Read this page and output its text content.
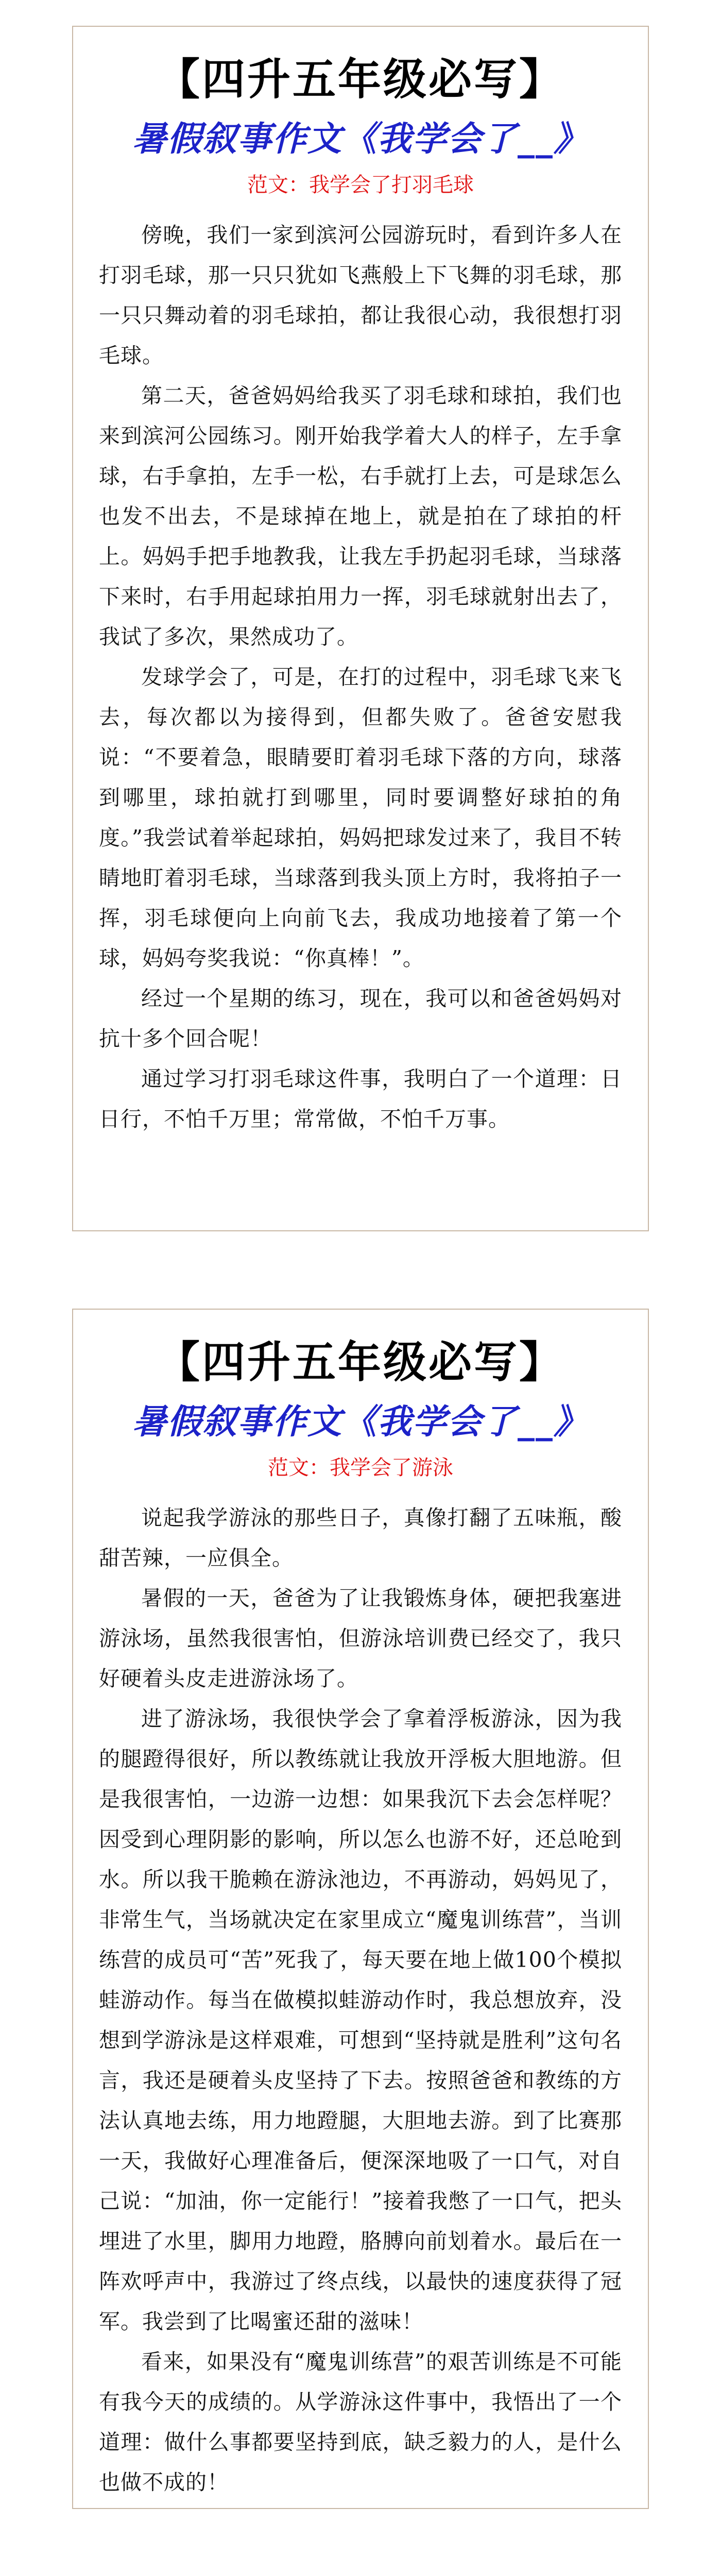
【四升五年级必写】
暑假叙事作文《我学会了__》
范文：我学会了打羽毛球

傍晚，我们一家到滨河公园游玩时，看到许多人在打羽毛球，那一只只犹如飞燕般上下飞舞的羽毛球，那一只只舞动着的羽毛球拍，都让我很心动，我很想打羽毛球。

第二天，爸爸妈妈给我买了羽毛球和球拍，我们也来到滨河公园练习。刚开始我学着大人的样子，左手拿球，右手拿拍，左手一松，右手就打上去，可是球怎么也发不出去，不是球掉在地上，就是拍在了球拍的杆上。妈妈手把手地教我，让我左手扔起羽毛球，当球落下来时，右手用起球拍用力一挥，羽毛球就射出去了，我试了多次，果然成功了。

发球学会了，可是，在打的过程中，羽毛球飞来飞去，每次都以为接得到，但都失败了。爸爸安慰我说：“不要着急，眼睛要盯着羽毛球下落的方向，球落到哪里，球拍就打到哪里，同时要调整好球拍的角度。”我尝试着举起球拍，妈妈把球发过来了，我目不转睛地盯着羽毛球，当球落到我头顶上方时，我将拍子一挥，羽毛球便向上向前飞去，我成功地接着了第一个球，妈妈夸奖我说：“你真棒！”。

经过一个星期的练习，现在，我可以和爸爸妈妈对抗十多个回合呢！

通过学习打羽毛球这件事，我明白了一个道理：日日行，不怕千万里；常常做，不怕千万事。

【四升五年级必写】
暑假叙事作文《我学会了__》
范文：我学会了游泳

说起我学游泳的那些日子，真像打翻了五味瓶，酸甜苦辣，一应俱全。

暑假的一天，爸爸为了让我锻炼身体，硬把我塞进游泳场，虽然我很害怕，但游泳培训费已经交了，我只好硬着头皮走进游泳场了。

进了游泳场，我很快学会了拿着浮板游泳，因为我的腿蹬得很好，所以教练就让我放开浮板大胆地游。但是我很害怕，一边游一边想：如果我沉下去会怎样呢？因受到心理阴影的影响，所以怎么也游不好，还总呛到水。所以我干脆赖在游泳池边，不再游动，妈妈见了，非常生气，当场就决定在家里成立“魔鬼训练营”，当训练营的成员可“苦”死我了，每天要在地上做100个模拟蛙游动作。每当在做模拟蛙游动作时，我总想放弃，没想到学游泳是这样艰难，可想到“坚持就是胜利”这句名言，我还是硬着头皮坚持了下去。按照爸爸和教练的方法认真地去练，用力地蹬腿，大胆地去游。到了比赛那一天，我做好心理准备后，便深深地吸了一口气，对自己说：“加油，你一定能行！”接着我憋了一口气，把头埋进了水里，脚用力地蹬，胳膊向前划着水。最后在一阵欢呼声中，我游过了终点线，以最快的速度获得了冠军。我尝到了比喝蜜还甜的滋味！

看来，如果没有“魔鬼训练营”的艰苦训练是不可能有我今天的成绩的。从学游泳这件事中，我悟出了一个道理：做什么事都要坚持到底，缺乏毅力的人，是什么也做不成的！
